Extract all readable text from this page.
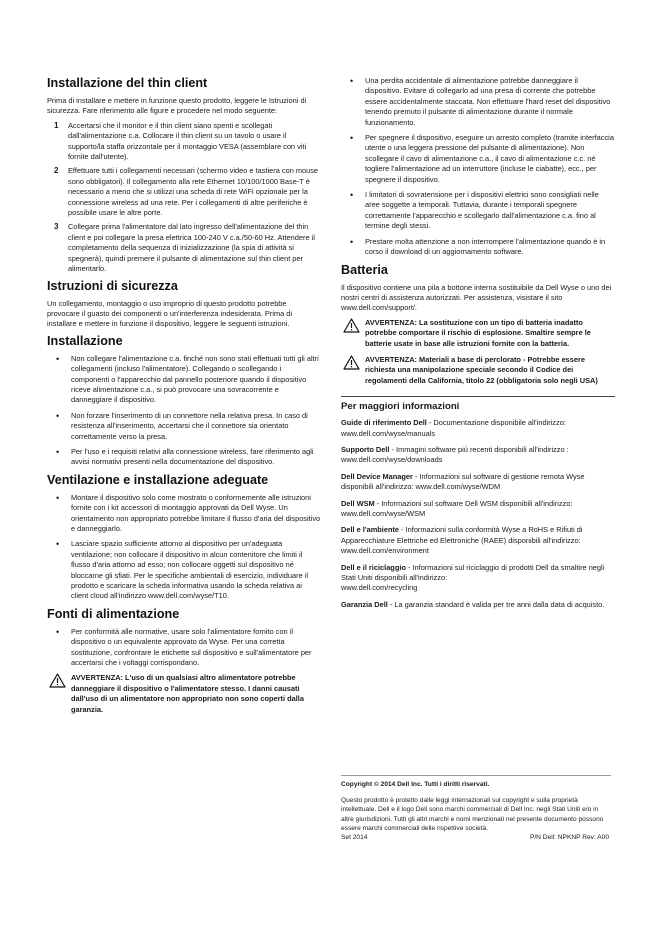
Installazione del thin client

Prima di installare e mettere in funzione questo prodotto, leggere le Istruzioni di sicurezza. Fare riferimento alle figure e procedere nel modo seguente:

1 Accertarsi che il monitor e il thin client siano spenti e scollegati dall'alimentazione c.a. Collocare il thin client su un tavolo o usare il supporto/la staffa orizzontale per il montaggio VESA (assemblare con viti fornite dall'utente).
2 Effettuare tutti i collegamenti necessari (schermo video e tastiera con mouse sono obbligatori). Il collegamento alla rete Ethernet 10/100/1000 Base-T è necessario a meno che si utilizzi una scheda di rete WiFi opzionale per la connessione wireless ad una rete. Per i collegamenti di altre periferiche è possibile usare le altre porte.
3 Collegare prima l'alimentatore dal lato ingresso dell'alimentazione del thin client e poi collegare la presa elettrica 100-240 V c.a./50-60 Hz. Attendere il completamento della sequenza di inizializzazione (la spia di attività si spegnerà), quindi premere il pulsante di alimentazione sul thin client per alimentarlo.
Istruzioni di sicurezza

Un collegamento, montaggio o uso improprio di questo prodotto potrebbe provocare il guasto dei componenti o un'interferenza indesiderata. Prima di installare e mettere in funzione il dispositivo, leggere le seguenti istruzioni.

Installazione
• Non collegare l'alimentazione c.a. finché non sono stati effettuati tutti gli altri collegamenti (incluso l'alimentatore). Collegando o scollegando i componenti o l'apparecchio dal pannello posteriore quando il dispositivo riceve alimentazione c.a., si può provocare una sovracorrente e danneggiare il dispositivo.
• Non forzare l'inserimento di un connettore nella relativa presa. In caso di resistenza all'inserimento, accertarsi che il connettore sia orientato correttamente verso la presa.
• Per l'uso e i requisiti relativi alla connessione wireless, fare riferimento agli avvisi normativi presenti nella documentazione del dispositivo.
Ventilazione e installazione adeguate
• Montare il dispositivo solo come mostrato o conformemente alle istruzioni fornite con i kit accessori di montaggio approvati da Dell Wyse. Un orientamento non appropriato potrebbe limitare il flusso d'aria del dispositivo e danneggiarlo.
• Lasciare spazio sufficiente attorno al dispositivo per un'adeguata ventilazione; non collocare il dispositivo in alcun contenitore che limiti il flusso d'aria attorno ad esso; non collocare oggetti sul dispositivo né bloccarne gli sfiati. Per le specifiche ambientali di esercizio, individuare il prodotto e scaricare la scheda informativa usando la scheda relativa ai client cloud all'indirizzo www.dell.com/wyse/T10.
Fonti di alimentazione
• Per conformità alle normative, usare solo l'alimentatore fornito con il dispositivo o un equivalente approvato da Wyse. Per una corretta sostituzione, confrontare le etichette sul dispositivo e sull'alimentatore per accertarsi che i voltaggi corrispondano.
AVVERTENZA: L'uso di un qualsiasi altro alimentatore potrebbe danneggiare il dispositivo o l'alimentatore stesso. I danni causati dall'uso di un alimentatore non appropriato non sono coperti dalla garanzia.
• Una perdita accidentale di alimentazione potrebbe danneggiare il dispositivo. Evitare di collegarlo ad una presa di corrente che potrebbe essere accidentalmente staccata. Non effettuare l'hard reset del dispositivo tenendo premuto il pulsante di alimentazione durante il normale funzionamento.
• Per spegnere il dispositivo, eseguire un arresto completo (tramite interfaccia utente o una leggera pressione del pulsante di alimentazione). Non scollegare il cavo di alimentazione c.a., il cavo di alimentazione c.c. né togliere l'alimentazione ad un interruttore (incluse le ciabatte), ecc., per spegnere il dispositivo.
• I limitatori di sovratensione per i dispositivi elettrici sono consigliati nelle aree soggette a temporali. Tuttavia, durante i temporali spegnere correttamente l'apparecchio e scollegarlo dall'alimentazione c.a. fino al termine degli stessi.
• Prestare molta attenzione a non interrompere l'alimentazione quando è in corso il download di un aggiornamento software.
Batteria

Il dispositivo contiene una pila a bottone interna sostituibile da Dell Wyse o uno dei nostri centri di assistenza autorizzati. Per assistenza, visistare il sito www.dell.com/support/.

AVVERTENZA: La sostituzione con un tipo di batteria inadatto potrebbe comportare il rischio di esplosione. Smaltire sempre le batterie usate in base alle istruzioni fornite con la batteria.
AVVERTENZA: Materiali a base di perclorato - Potrebbe essere richiesta una manipolazione speciale secondo il Codice dei regolamenti della California, titolo 22 (obbligatoria solo negli USA)
Per maggiori informazioni

Guide di riferimento Dell - Documentazione disponibile all'indirizzo:
www.dell.com/wyse/manuals

Supporto Dell - Immagini software più recenti disponibili all'indirizzo :
www.dell.com/wyse/downloads

Dell Device Manager - Informazioni sul software di gestione remota Wyse disponibili all'indirizzo: www.dell.com/wyse/WDM

Dell WSM - Informazioni sul software Dell WSM disponibili all'indirizzo: www.dell.com/wyse/WSM

Dell e l'ambiente - Informazioni sulla conformità Wyse a RoHS e Rifiuti di Apparecchiature Elettriche ed Elettroniche (RAEE) disponibili all'indirizzo: www.dell.com/environment

Dell e il riciclaggio - Informazioni sul riciclaggio di prodotti Dell da smaltire negli Stati Uniti disponibili all'indirizzo:
www.dell.com/recycling

Garanzia Dell - La garanzia standard è valida per tre anni dalla data di acquisto.

Copyright © 2014 Dell Inc. Tutti i diritti riservati.

Questo prodotto è protetto dalle leggi internazionali sul copyright e sulla proprietà intellettuale. Dell e il logo Dell sono marchi commerciali di Dell Inc. negli Stati Uniti e/o in altre giurisdizioni. Tutti gli altri marchi e nomi menzionati nel presente documento possono essere marchi commerciali delle rispettive società.

Set 2014	P/N Dell: NPKNP Rev: A00
